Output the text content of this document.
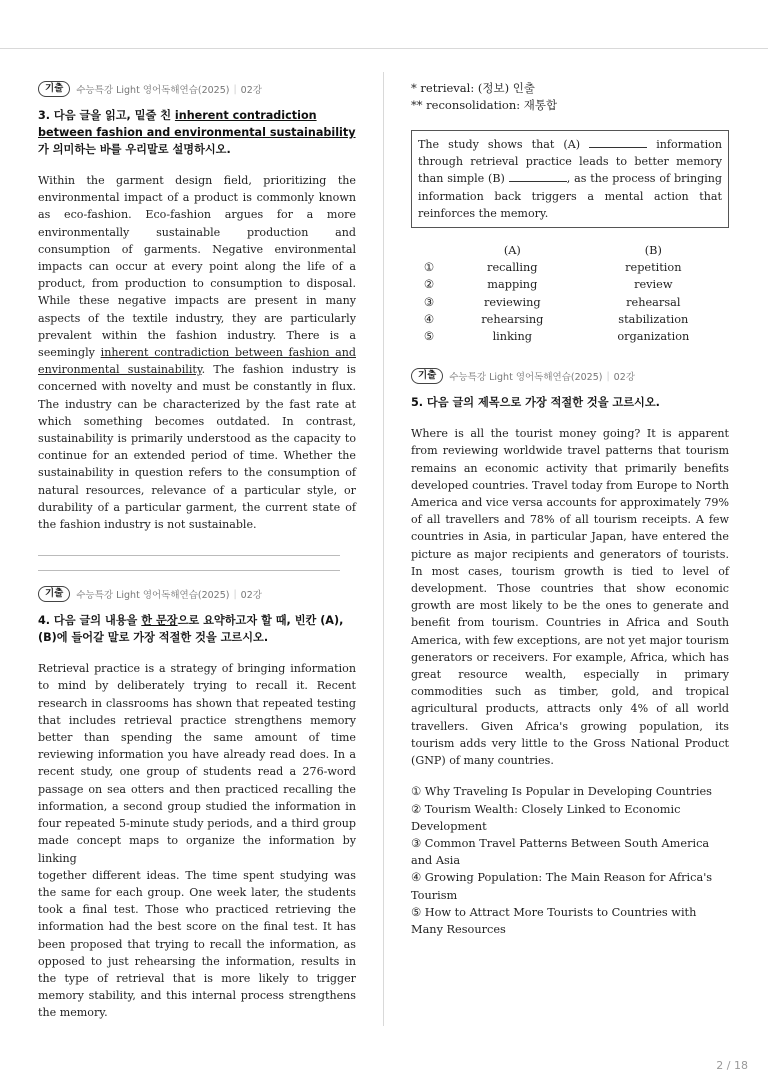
기출	수능특강 Light 영어독해연습(2025) | 02강
3. 다음 글을 읽고, 밑줄 친 inherent contradiction between fashion and environmental sustainability가 의미하는 바를 우리말로 설명하시오.
Within the garment design field, prioritizing the environmental impact of a product is commonly known as eco-fashion. Eco-fashion argues for a more environmentally sustainable production and consumption of garments. Negative environmental impacts can occur at every point along the life of a product, from production to consumption to disposal. While these negative impacts are present in many aspects of the textile industry, they are particularly prevalent within the fashion industry. There is a seemingly inherent contradiction between fashion and environmental sustainability. The fashion industry is concerned with novelty and must be constantly in flux. The industry can be characterized by the fast rate at which something becomes outdated. In contrast, sustainability is primarily understood as the capacity to continue for an extended period of time. Whether the sustainability in question refers to the consumption of natural resources, relevance of a particular style, or durability of a particular garment, the current state of the fashion industry is not sustainable.
기출	수능특강 Light 영어독해연습(2025) | 02강
4. 다음 글의 내용을 한 문장으로 요약하고자 할 때, 빈칸 (A), (B)에 들어갈 말로 가장 적절한 것을 고르시오.
Retrieval practice is a strategy of bringing information to mind by deliberately trying to recall it. Recent research in classrooms has shown that repeated testing that includes retrieval practice strengthens memory better than spending the same amount of time reviewing information you have already read does. In a recent study, one group of students read a 276-word passage on sea otters and then practiced recalling the information, a second group studied the information in four repeated 5-minute study periods, and a third group made concept maps to organize the information by linking
together different ideas. The time spent studying was the same for each group. One week later, the students took a final test. Those who practiced retrieving the information had the best score on the final test. It has been proposed that trying to recall the information, as opposed to just rehearsing the information, results in the type of retrieval that is more likely to trigger memory stability, and this internal process strengthens the memory.
* retrieval: (정보) 인출
** reconsolidation: 재통합
The study shows that (A)	information through retrieval practice leads to better memory than simple (B)	, as the process of bringing information back triggers a mental action that reinforces the memory.
	(A)	(B)
①	recalling	repetition
②	mapping	review
③	reviewing	rehearsal
④	rehearsing	stabilization
⑤	linking	organization
기출	수능특강 Light 영어독해연습(2025) | 02강
5. 다음 글의 제목으로 가장 적절한 것을 고르시오.
Where is all the tourist money going? It is apparent from reviewing worldwide travel patterns that tourism remains an economic activity that primarily benefits developed countries. Travel today from Europe to North America and vice versa accounts for approximately 79% of all travellers and 78% of all tourism receipts. A few countries in Asia, in particular Japan, have entered the picture as major recipients and generators of tourists. In most cases, tourism growth is tied to level of development. Those countries that show economic growth are most likely to be the ones to generate and benefit from tourism. Countries in Africa and South America, with few exceptions, are not yet major tourism generators or receivers. For example, Africa, which has great resource wealth, especially in primary commodities such as timber, gold, and tropical agricultural products, attracts only 4% of all world travellers. Given Africa's growing population, its tourism adds very little to the Gross National Product (GNP) of many countries.
① Why Traveling Is Popular in Developing Countries
② Tourism Wealth: Closely Linked to Economic Development
③ Common Travel Patterns Between South America and Asia
④ Growing Population: The Main Reason for Africa's Tourism
⑤ How to Attract More Tourists to Countries with Many Resources
2 / 18
